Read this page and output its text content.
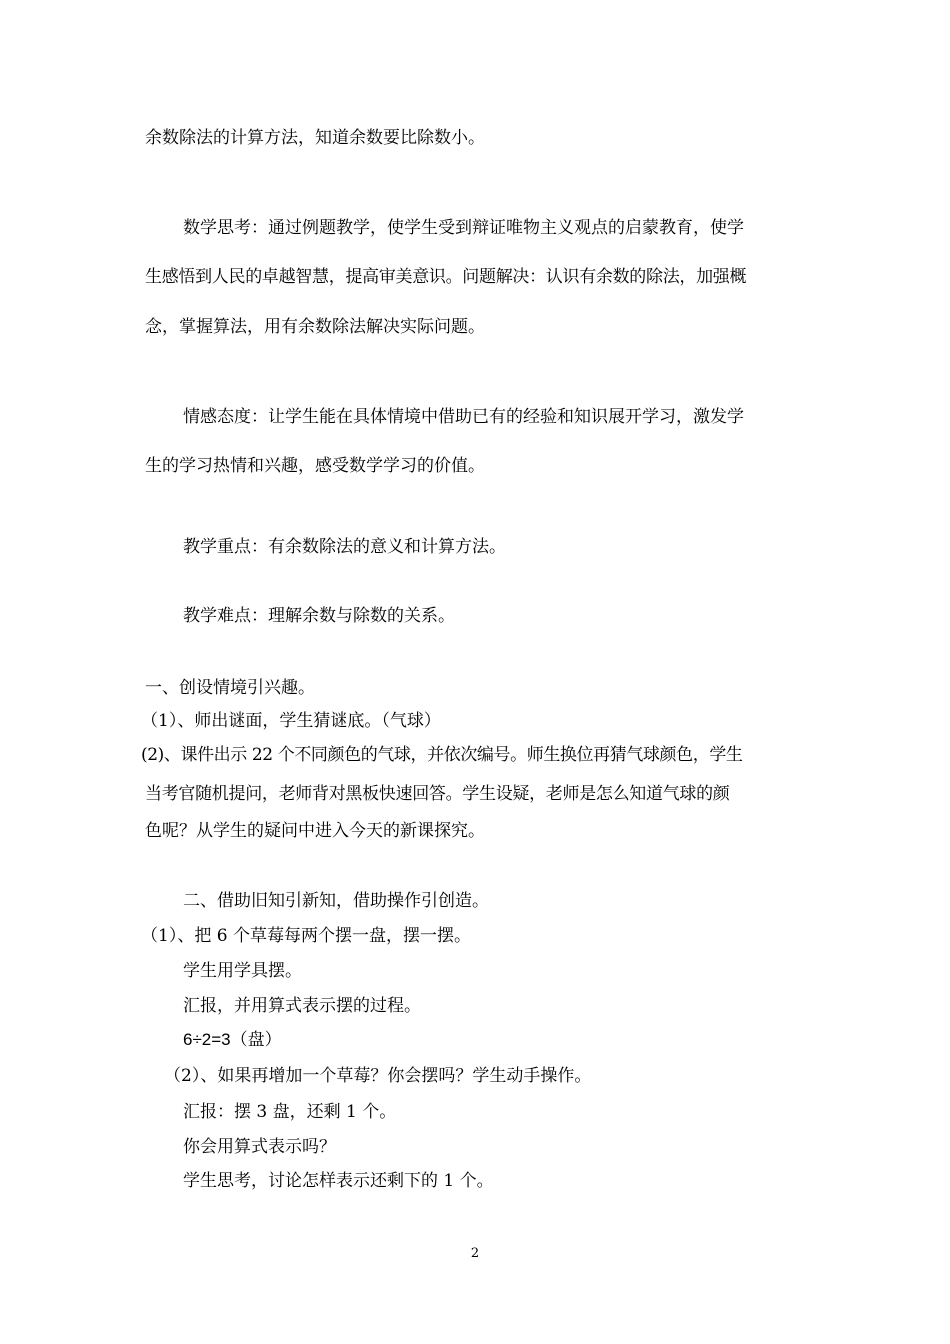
余数除法的计算方法，知道余数要比除数小。

数学思考：通过例题教学，使学生受到辩证唯物主义观点的启蒙教育，使学

生感悟到人民的卓越智慧，提高审美意识。问题解决：认识有余数的除法，加强概

念，掌握算法，用有余数除法解决实际问题。

情感态度：让学生能在具体情境中借助已有的经验和知识展开学习，激发学

生的学习热情和兴趣，感受数学学习的价值。

教学重点：有余数除法的意义和计算方法。

教学难点：理解余数与除数的关系。

一、创设情境引兴趣。

（1）、师出谜面，学生猜谜底。（气球）

(2)、课件出示 22 个不同颜色的气球，并依次编号。师生换位再猜气球颜色，学生

当考官随机提问，老师背对黑板快速回答。学生设疑，老师是怎么知道气球的颜

色呢？从学生的疑问中进入今天的新课探究。

二、借助旧知引新知，借助操作引创造。

（1）、把 6 个草莓每两个摆一盘，摆一摆。

学生用学具摆。

汇报，并用算式表示摆的过程。

6÷2=3（盘）

（2）、如果再增加一个草莓？你会摆吗？学生动手操作。

汇报：摆 3 盘，还剩 1 个。

你会用算式表示吗？

学生思考，讨论怎样表示还剩下的 1 个。

2
